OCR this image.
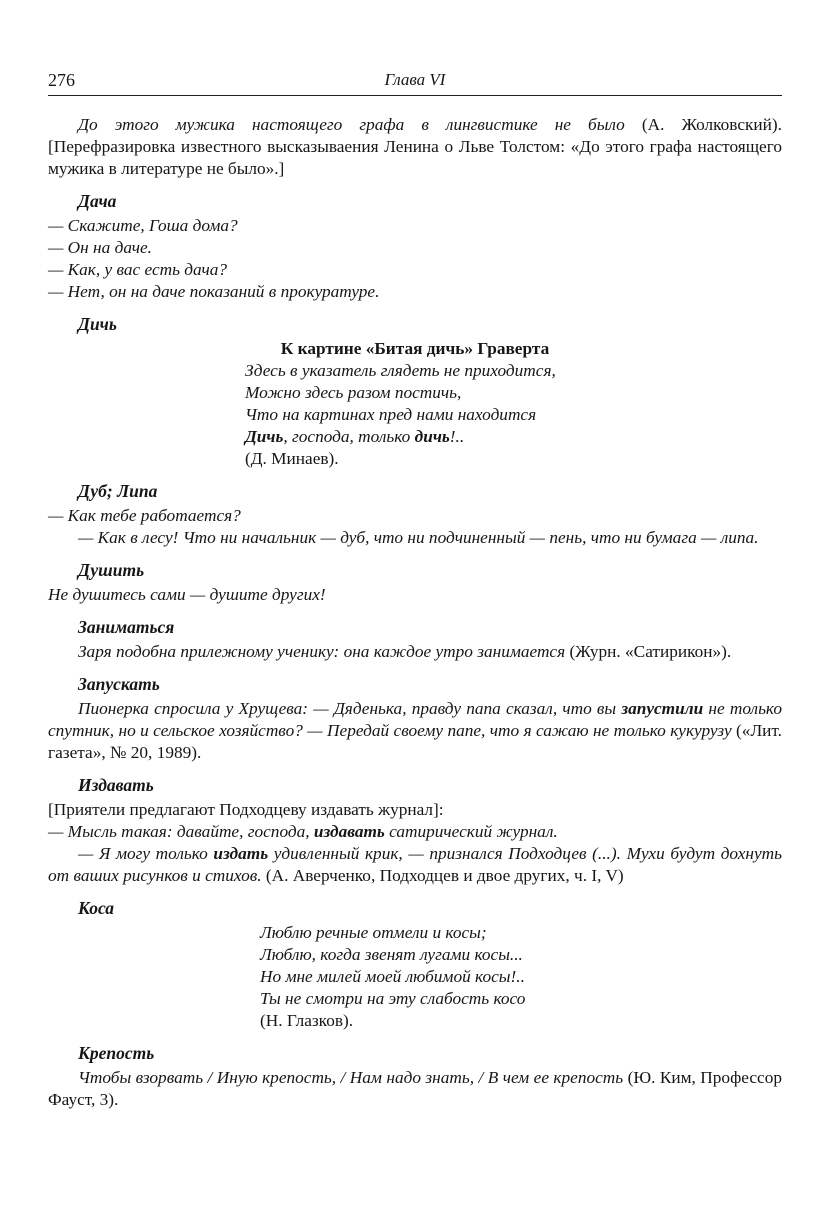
276	Глава VI

До этого мужика настоящего графа в лингвистике не было (А. Жолковский). [Перефразировка известного высказываения Ленина о Льве Толстом: «До этого графа настоящего мужика в литературе не было».]

Дача

— Скажите, Гоша дома?

— Он на даче.

— Как, у вас есть дача?

— Нет, он на даче показаний в прокуратуре.

Дичь

К картине «Битая дичь» Граверта

Здесь в указатель глядеть не приходится,

Можно здесь разом постичь,

Что на картинах пред нами находится

Дичь, господа, только дичь!..

(Д. Минаев).

Дуб; Липа

— Как тебе работается?

— Как в лесу! Что ни начальник — дуб, что ни подчиненный — пень, что ни бумага — липа.

Душить

Не душитесь сами — душите других!

Заниматься

Заря подобна прилежному ученику: она каждое утро занимается (Журн. «Сатирикон»).

Запускать

Пионерка спросила у Хрущева: — Дяденька, правду папа сказал, что вы запустили не только спутник, но и сельское хозяйство? — Передай своему папе, что я сажаю не только кукурузу («Лит. газета», № 20, 1989).

Издавать

[Приятели предлагают Подходцеву издавать журнал]:

— Мысль такая: давайте, господа, издавать сатирический журнал.

— Я могу только издать удивленный крик, — признался Подходцев (...). Мухи будут дохнуть от ваших рисунков и стихов. (А. Аверченко, Подходцев и двое других, ч. I, V)

Коса

Люблю речные отмели и косы;

Люблю, когда звенят лугами косы...

Но мне милей моей любимой косы!..

Ты не смотри на эту слабость косо

(Н. Глазков).

Крепость

Чтобы взорвать / Иную крепость, / Нам надо знать, / В чем ее крепость (Ю. Ким, Профессор Фауст, 3).
